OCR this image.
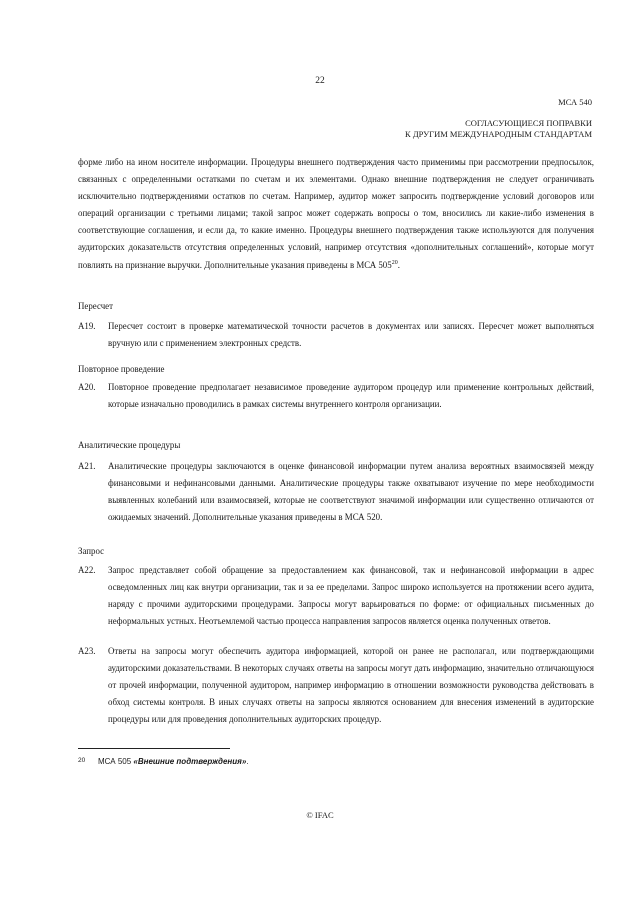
22
МСА 540
СОГЛАСУЮЩИЕСЯ ПОПРАВКИ
К ДРУГИМ МЕЖДУНАРОДНЫМ СТАНДАРТАМ
форме либо на ином носителе информации. Процедуры внешнего подтверждения часто применимы при рассмотрении предпосылок, связанных с определенными остатками по счетам и их элементами. Однако внешние подтверждения не следует ограничивать исключительно подтверждениями остатков по счетам. Например, аудитор может запросить подтверждение условий договоров или операций организации с третьими лицами; такой запрос может содержать вопросы о том, вносились ли какие-либо изменения в соответствующие соглашения, и если да, то какие именно. Процедуры внешнего подтверждения также используются для получения аудиторских доказательств отсутствия определенных условий, например отсутствия «дополнительных соглашений», которые могут повлиять на признание выручки. Дополнительные указания приведены в МСА $505^{20}$.
Пересчет
A19.	Пересчет состоит в проверке математической точности расчетов в документах или записях. Пересчет может выполняться вручную или с применением электронных средств.
Повторное проведение
A20.	Повторное проведение предполагает независимое проведение аудитором процедур или применение контрольных действий, которые изначально проводились в рамках системы внутреннего контроля организации.
Аналитические процедуры
A21.	Аналитические процедуры заключаются в оценке финансовой информации путем анализа вероятных взаимосвязей между финансовыми и нефинансовыми данными. Аналитические процедуры также охватывают изучение по мере необходимости выявленных колебаний или взаимосвязей, которые не соответствуют значимой информации или существенно отличаются от ожидаемых значений. Дополнительные указания приведены в МСА 520.
Запрос
A22.	Запрос представляет собой обращение за предоставлением как финансовой, так и нефинансовой информации в адрес осведомленных лиц как внутри организации, так и за ее пределами. Запрос широко используется на протяжении всего аудита, наряду с прочими аудиторскими процедурами. Запросы могут варьироваться по форме: от официальных письменных до неформальных устных. Неотъемлемой частью процесса направления запросов является оценка полученных ответов.
A23.	Ответы на запросы могут обеспечить аудитора информацией, которой он ранее не располагал, или подтверждающими аудиторскими доказательствами. В некоторых случаях ответы на запросы могут дать информацию, значительно отличающуюся от прочей информации, полученной аудитором, например информацию в отношении возможности руководства действовать в обход системы контроля. В иных случаях ответы на запросы являются основанием для внесения изменений в аудиторские процедуры или для проведения дополнительных аудиторских процедур.
20 МСА 505 «Внешние подтверждения».
© IFAC
